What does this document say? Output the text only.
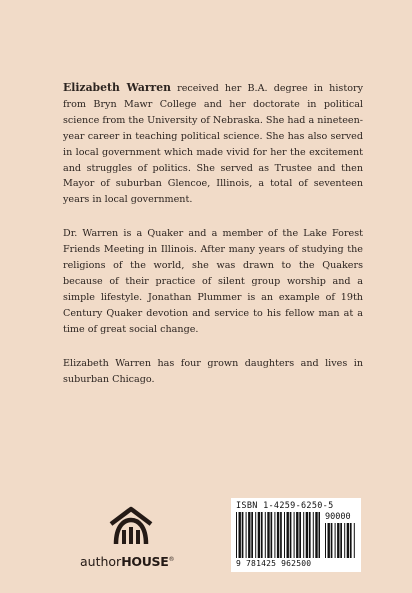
Elizabeth Warren received her B.A. degree in history from Bryn Mawr College and her doctorate in political science from the University of Nebraska. She had a nineteen-year career in teaching political science. She has also served in local government which made vivid for her the excitement and struggles of politics. She served as Trustee and then Mayor of suburban Glencoe, Illinois, a total of seventeen years in local government.

Dr. Warren is a Quaker and a member of the Lake Forest Friends Meeting in Illinois. After many years of studying the religions of the world, she was drawn to the Quakers because of their practice of silent group worship and a simple lifestyle. Jonathan Plummer is an example of 19th Century Quaker devotion and service to his fellow man at a time of great social change.

Elizabeth Warren has four grown daughters and lives in suburban Chicago.

authorHOUSE®
ISBN 1-4259-6250-5
90000
9 781425 962500
